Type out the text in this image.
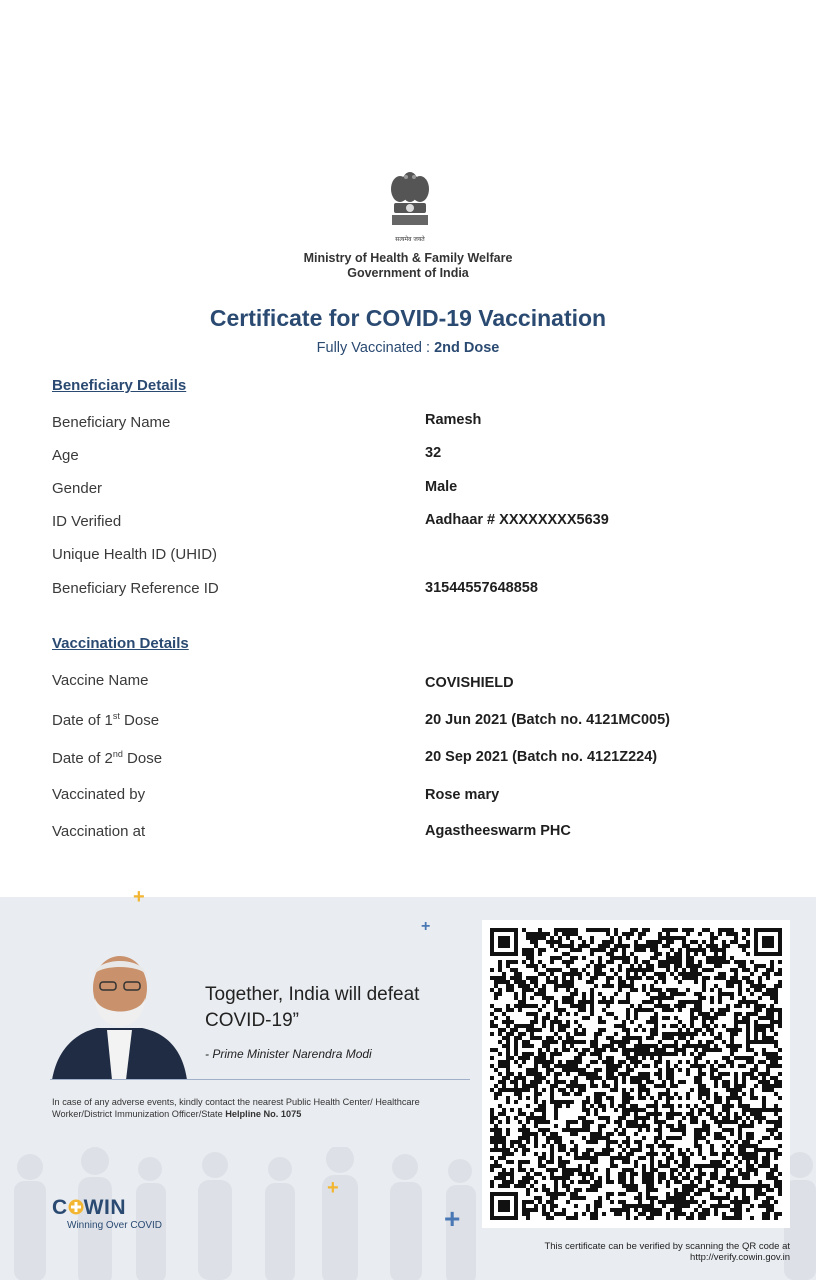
सत्यमेव जयते
Ministry of Health & Family Welfare
Government of India
Certificate for COVID-19 Vaccination
Fully Vaccinated : 2nd Dose
Beneficiary Details
Beneficiary Name	Ramesh
Age	32
Gender	Male
ID Verified	Aadhaar # XXXXXXXX5639
Unique Health ID (UHID)
Beneficiary Reference ID	31544557648858
Vaccination Details
Vaccine Name	COVISHIELD
Date of 1st Dose	20 Jun 2021 (Batch no. 4121MC005)
Date of 2nd Dose	20 Sep 2021 (Batch no. 4121Z224)
Vaccinated by	Rose mary
Vaccination at	Agastheeswarm PHC
+
+
+
+
Together, India will defeat COVID-19”
- Prime Minister Narendra Modi
In case of any adverse events, kindly contact the nearest Public Health Center/ Healthcare Worker/District Immunization Officer/State Helpline No. 1075
C WIN
Winning Over COVID
This certificate can be verified by scanning the QR code at
http://verify.cowin.gov.in
